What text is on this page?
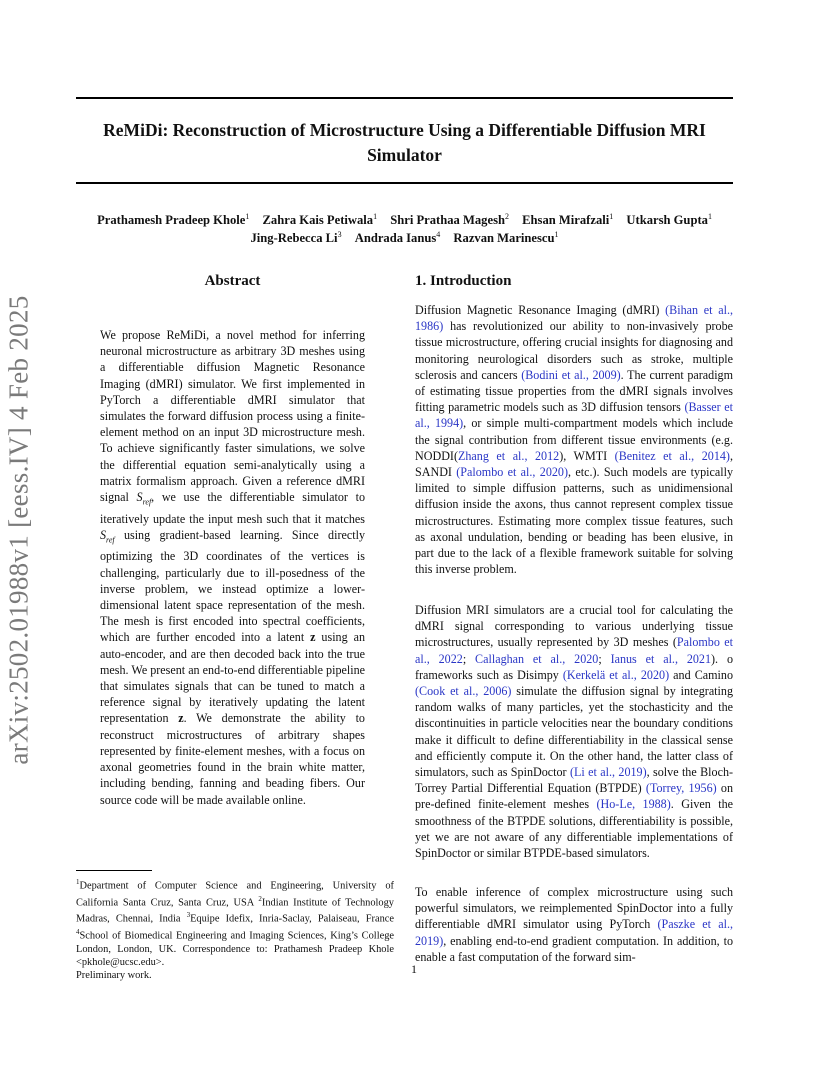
ReMiDi: Reconstruction of Microstructure Using a Differentiable Diffusion MRI Simulator
Prathamesh Pradeep Khole$^1$ Zahra Kais Petiwala$^1$ Shri Prathaa Magesh$^2$ Ehsan Mirafzali$^1$ Utkarsh Gupta$^1$ Jing-Rebecca Li$^3$ Andrada Ianus$^4$ Razvan Marinescu$^1$
arXiv:2502.01988v1 [eess.IV] 4 Feb 2025
Abstract
We propose ReMiDi, a novel method for inferring neuronal microstructure as arbitrary 3D meshes using a differentiable diffusion Magnetic Resonance Imaging (dMRI) simulator. We first implemented in PyTorch a differentiable dMRI simulator that simulates the forward diffusion process using a finite-element method on an input 3D microstructure mesh. To achieve significantly faster simulations, we solve the differential equation semi-analytically using a matrix formalism approach. Given a reference dMRI signal $S_{ref}$, we use the differentiable simulator to iteratively update the input mesh such that it matches $S_{ref}$ using gradient-based learning. Since directly optimizing the 3D coordinates of the vertices is challenging, particularly due to ill-posedness of the inverse problem, we instead optimize a lower-dimensional latent space representation of the mesh. The mesh is first encoded into spectral coefficients, which are further encoded into a latent z using an auto-encoder, and are then decoded back into the true mesh. We present an end-to-end differentiable pipeline that simulates signals that can be tuned to match a reference signal by iteratively updating the latent representation z. We demonstrate the ability to reconstruct microstructures of arbitrary shapes represented by finite-element meshes, with a focus on axonal geometries found in the brain white matter, including bending, fanning and beading fibers. Our source code will be made available online.
1. Introduction

Diffusion Magnetic Resonance Imaging (dMRI) (Bihan et al., 1986) has revolutionized our ability to non-invasively probe tissue microstructure, offering crucial insights for diagnosing and monitoring neurological disorders such as stroke, multiple sclerosis and cancers (Bodini et al., 2009). The current paradigm of estimating tissue properties from the dMRI signals involves fitting parametric models such as 3D diffusion tensors (Basser et al., 1994), or simple multi-compartment models which include the signal contribution from different tissue environments (e.g. NODDI(Zhang et al., 2012), WMTI (Benitez et al., 2014), SANDI (Palombo et al., 2020), etc.). Such models are typically limited to simple diffusion patterns, such as unidimensional diffusion inside the axons, thus cannot represent complex tissue microstructures. Estimating more complex tissue features, such as axonal undulation, bending or beading has been elusive, in part due to the lack of a flexible framework suitable for solving this inverse problem.

Diffusion MRI simulators are a crucial tool for calculating the dMRI signal corresponding to various underlying tissue microstructures, usually represented by 3D meshes (Palombo et al., 2022; Callaghan et al., 2020; Ianus et al., 2021). o frameworks such as Disimpy (Kerkelä et al., 2020) and Camino (Cook et al., 2006) simulate the diffusion signal by integrating random walks of many particles, yet the stochasticity and the discontinuities in particle velocities near the boundary conditions make it difficult to define differentiability in the classical sense and efficiently compute it. On the other hand, the latter class of simulators, such as SpinDoctor (Li et al., 2019), solve the Bloch-Torrey Partial Differential Equation (BTPDE) (Torrey, 1956) on pre-defined finite-element meshes (Ho-Le, 1988). Given the smoothness of the BTPDE solutions, differentiability is possible, yet we are not aware of any differentiable implementations of SpinDoctor or similar BTPDE-based simulators.

To enable inference of complex microstructure using such powerful simulators, we reimplemented SpinDoctor into a fully differentiable dMRI simulator using PyTorch (Paszke et al., 2019), enabling end-to-end gradient computation. In addition, to enable a fast computation of the forward sim-

$^1$Department of Computer Science and Engineering, University of California Santa Cruz, Santa Cruz, USA $^2$Indian Institute of Technology Madras, Chennai, India $^3$Equipe Idefix, Inria-Saclay, Palaiseau, France $^4$School of Biomedical Engineering and Imaging Sciences, King’s College London, London, UK. Correspondence to: Prathamesh Pradeep Khole <pkhole@ucsc.edu>.
Preliminary work.	1
